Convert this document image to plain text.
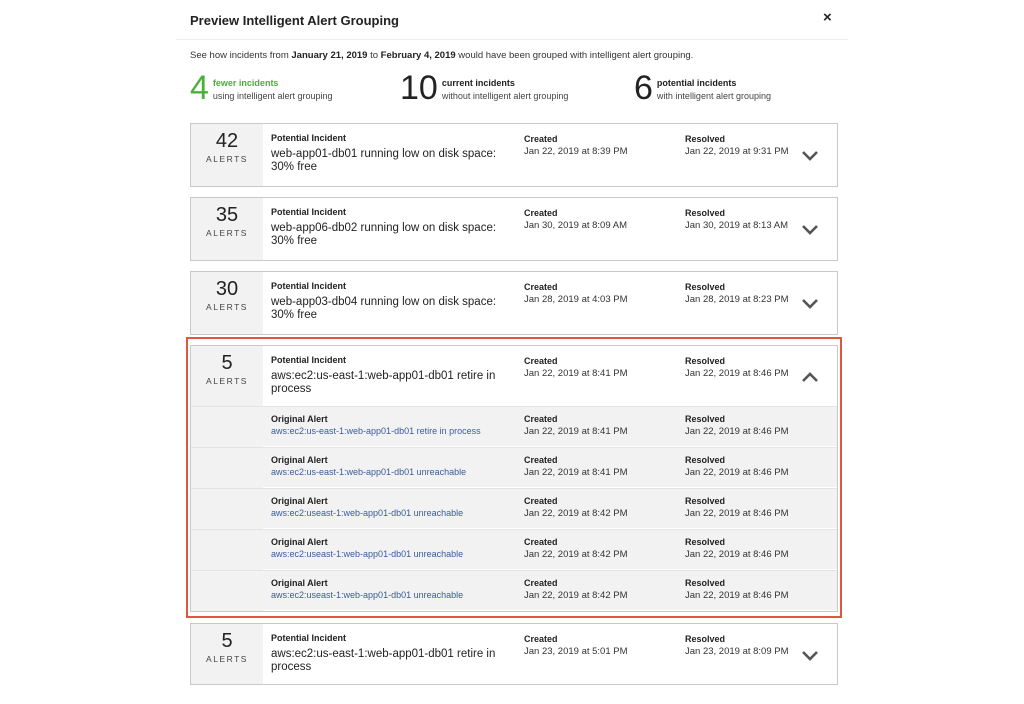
Preview Intelligent Alert Grouping	×
See how incidents from January 21, 2019 to February 4, 2019 would have been grouped with intelligent alert grouping.
4 fewer incidents
using intelligent alert grouping 10 current incidents
without intelligent alert grouping 6 potential incidents
with intelligent alert grouping
42
ALERTS
Potential Incident
web-app01-db01 running low on disk space: 30% free
Created
Jan 22, 2019 at 8:39 PM
Resolved
Jan 22, 2019 at 9:31 PM
35
ALERTS
Potential Incident
web-app06-db02 running low on disk space: 30% free
Created
Jan 30, 2019 at 8:09 AM
Resolved
Jan 30, 2019 at 8:13 AM
30
ALERTS
Potential Incident
web-app03-db04 running low on disk space: 30% free
Created
Jan 28, 2019 at 4:03 PM
Resolved
Jan 28, 2019 at 8:23 PM
5
ALERTS
Potential Incident
aws:ec2:us-east-1:web-app01-db01 retire in process
Created
Jan 22, 2019 at 8:41 PM
Resolved
Jan 22, 2019 at 8:46 PM
Original Alert
aws:ec2:us-east-1:web-app01-db01 retire in process
Created
Jan 22, 2019 at 8:41 PM
Resolved
Jan 22, 2019 at 8:46 PM
Original Alert
aws:ec2:us-east-1:web-app01-db01 unreachable
Created
Jan 22, 2019 at 8:41 PM
Resolved
Jan 22, 2019 at 8:46 PM
Original Alert
aws:ec2:useast-1:web-app01-db01 unreachable
Created
Jan 22, 2019 at 8:42 PM
Resolved
Jan 22, 2019 at 8:46 PM
Original Alert
aws:ec2:useast-1:web-app01-db01 unreachable
Created
Jan 22, 2019 at 8:42 PM
Resolved
Jan 22, 2019 at 8:46 PM
Original Alert
aws:ec2:useast-1:web-app01-db01 unreachable
Created
Jan 22, 2019 at 8:42 PM
Resolved
Jan 22, 2019 at 8:46 PM
5
ALERTS
Potential Incident
aws:ec2:us-east-1:web-app01-db01 retire in process
Created
Jan 23, 2019 at 5:01 PM
Resolved
Jan 23, 2019 at 8:09 PM
